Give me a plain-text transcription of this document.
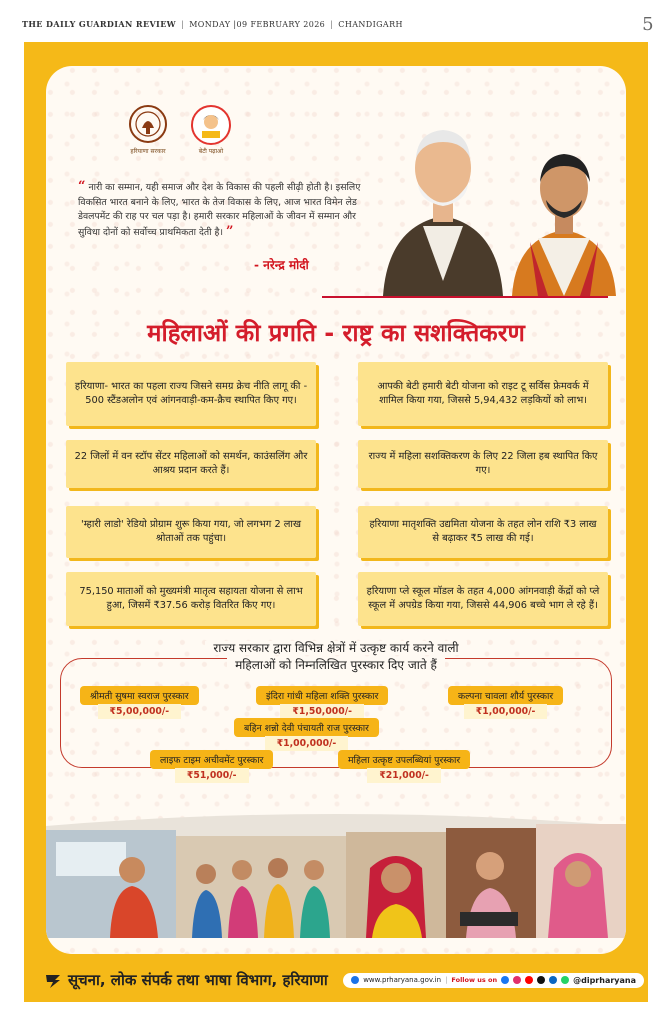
THE DAILY GUARDIAN REVIEW | MONDAY |09 FEBRUARY 2026 | CHANDIGARH	5
हरियाणा सरकार	बेटी पढ़ाओ
“ नारी का सम्मान, यही समाज और देश के विकास की पहली सीढ़ी होती है। इसलिए विकसित भारत बनाने के लिए, भारत के तेज विकास के लिए, आज भारत विमेन लेड डेवलपमेंट की राह पर चल पड़ा है। हमारी सरकार महिलाओं के जीवन में सम्मान और सुविधा दोनों को सर्वोच्च प्राथमिकता देती है। ”
- नरेन्द्र मोदी
महिलाओं की प्रगति - राष्ट्र का सशक्तिकरण
हरियाणा- भारत का पहला राज्य जिसने समग्र क्रेच नीति लागू की - 500 स्टैंडअलोन एवं आंगनवाड़ी-कम-क्रैच स्थापित किए गए।
आपकी बेटी हमारी बेटी योजना को राइट टू सर्विस फ्रेमवर्क में शामिल किया गया, जिससे 5,94,432 लड़कियों को लाभ।
22 जिलों में वन स्टॉप सेंटर महिलाओं को समर्थन, काउंसलिंग और आश्रय प्रदान करते हैं।
राज्य में महिला सशक्तिकरण के लिए 22 जिला हब स्थापित किए गए।
'म्हारी लाडो' रेडियो प्रोग्राम शुरू किया गया, जो लगभग 2 लाख श्रोताओं तक पहुंचा।
हरियाणा मातृशक्ति उद्यमिता योजना के तहत लोन राशि ₹3 लाख से बढ़ाकर ₹5 लाख की गई।
75,150 माताओं को मुख्यमंत्री मातृत्व सहायता योजना से लाभ हुआ, जिसमें ₹37.56 करोड़ वितरित किए गए।
हरियाणा प्ले स्कूल मॉडल के तहत 4,000 आंगनवाड़ी केंद्रों को प्ले स्कूल में अपग्रेड किया गया, जिससे 44,906 बच्चे भाग ले रहे हैं।
राज्य सरकार द्वारा विभिन्न क्षेत्रों में उत्कृष्ट कार्य करने वाली
महिलाओं को निम्नलिखित पुरस्कार दिए जाते हैं
श्रीमती सुषमा स्वराज पुरस्कार
₹5,00,000/-
इंदिरा गांधी महिला शक्ति पुरस्कार
₹1,50,000/-
कल्पना चावला शौर्य पुरस्कार
₹1,00,000/-
बहिन शन्नो देवी पंचायती राज पुरस्कार
₹1,00,000/-
लाइफ टाइम अचीवमेंट पुरस्कार
₹51,000/-
महिला उत्कृष्ट उपलब्धियां पुरस्कार
₹21,000/-
सूचना, लोक संपर्क तथा भाषा विभाग, हरियाणा	www.prharyana.gov.in | Follow us on	@diprharyana
